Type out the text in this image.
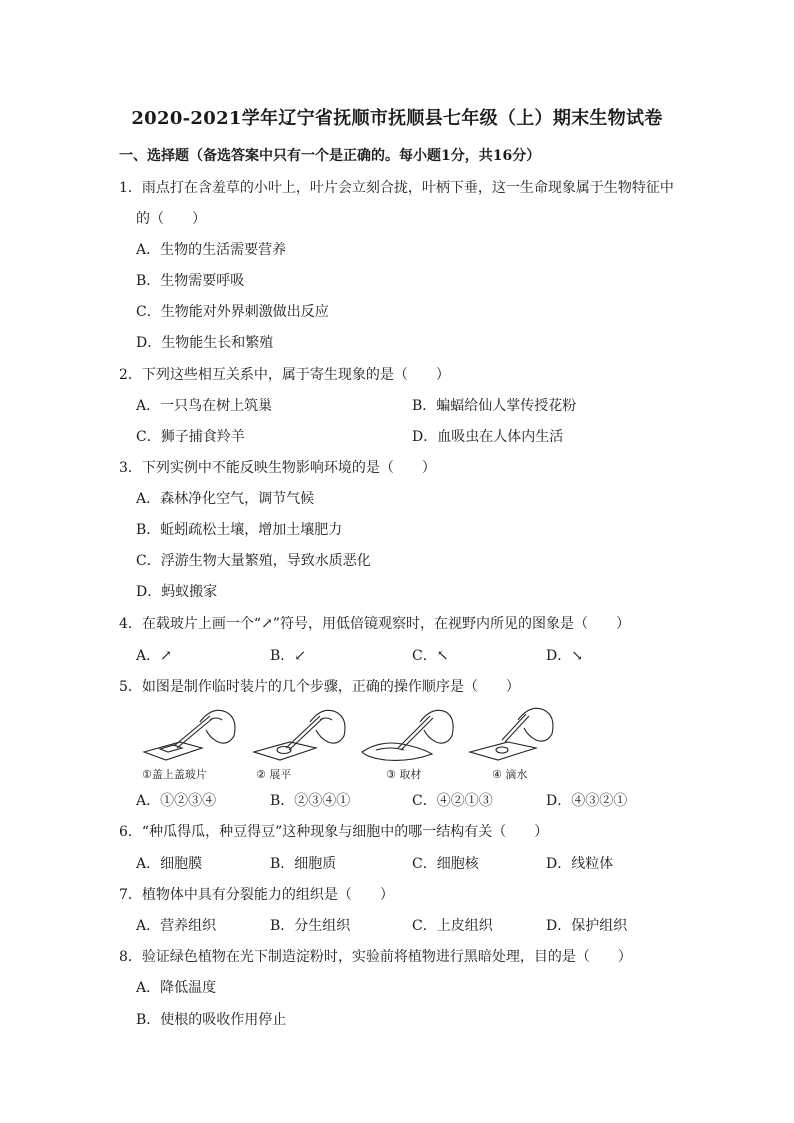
2020-2021学年辽宁省抚顺市抚顺县七年级（上）期末生物试卷
一、选择题（备选答案中只有一个是正确的。每小题1分，共16分）
1．雨点打在含羞草的小叶上，叶片会立刻合拢，叶柄下垂，这一生命现象属于生物特征中
的（　　）
A．生物的生活需要营养
B．生物需要呼吸
C．生物能对外界刺激做出反应
D．生物能生长和繁殖
2．下列这些相互关系中，属于寄生现象的是（　　）
A．一只鸟在树上筑巢	B．蝙蝠给仙人掌传授花粉
C．狮子捕食羚羊	D．血吸虫在人体内生活
3．下列实例中不能反映生物影响环境的是（　　）
A．森林净化空气，调节气候
B．蚯蚓疏松土壤，增加土壤肥力
C．浮游生物大量繁殖，导致水质恶化
D．蚂蚁搬家
4．在载玻片上画一个“↗”符号，用低倍镜观察时，在视野内所见的图象是（　　）
A．↗	B．↙	C．↖	D．↘
5．如图是制作临时装片的几个步骤，正确的操作顺序是（　　）
①盖上盖玻片	② 展平	③ 取材	④ 滴水
A．①②③④	B．②③④①	C．④②①③	D．④③②①
6．“种瓜得瓜，种豆得豆”这种现象与细胞中的哪一结构有关（　　）
A．细胞膜	B．细胞质	C．细胞核	D．线粒体
7．植物体中具有分裂能力的组织是（　　）
A．营养组织	B．分生组织	C．上皮组织	D．保护组织
8．验证绿色植物在光下制造淀粉时，实验前将植物进行黑暗处理，目的是（　　）
A．降低温度
B．使根的吸收作用停止
